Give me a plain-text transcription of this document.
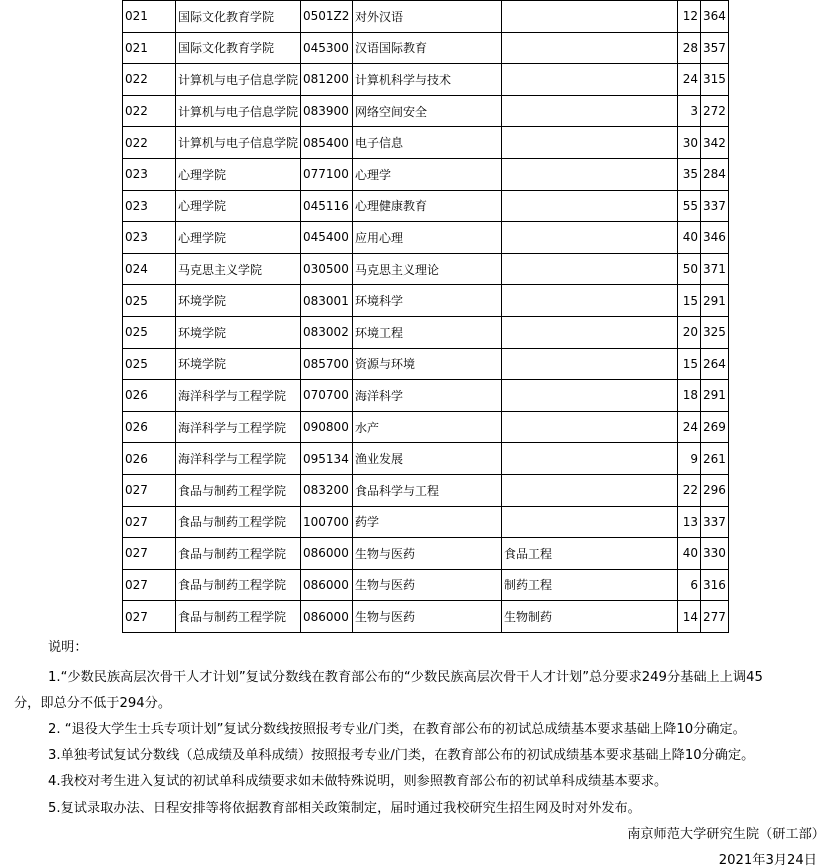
021	国际文化教育学院	0501Z2	对外汉语		12	364
021	国际文化教育学院	045300	汉语国际教育		28	357
022	计算机与电子信息学院	081200	计算机科学与技术		24	315
022	计算机与电子信息学院	083900	网络空间安全		3	272
022	计算机与电子信息学院	085400	电子信息		30	342
023	心理学院	077100	心理学		35	284
023	心理学院	045116	心理健康教育		55	337
023	心理学院	045400	应用心理		40	346
024	马克思主义学院	030500	马克思主义理论		50	371
025	环境学院	083001	环境科学		15	291
025	环境学院	083002	环境工程		20	325
025	环境学院	085700	资源与环境		15	264
026	海洋科学与工程学院	070700	海洋科学		18	291
026	海洋科学与工程学院	090800	水产		24	269
026	海洋科学与工程学院	095134	渔业发展		9	261
027	食品与制药工程学院	083200	食品科学与工程		22	296
027	食品与制药工程学院	100700	药学		13	337
027	食品与制药工程学院	086000	生物与医药	食品工程	40	330
027	食品与制药工程学院	086000	生物与医药	制药工程	6	316
027	食品与制药工程学院	086000	生物与医药	生物制药	14	277

说明：

1.“少数民族高层次骨干人才计划”复试分数线在教育部公布的“少数民族高层次骨干人才计划”总分要求249分基础上上调45

分，即总分不低于294分。

2. “退役大学生士兵专项计划”复试分数线按照报考专业/门类，在教育部公布的初试总成绩基本要求基础上降10分确定。

3.单独考试复试分数线（总成绩及单科成绩）按照报考专业/门类，在教育部公布的初试成绩基本要求基础上降10分确定。

4.我校对考生进入复试的初试单科成绩要求如未做特殊说明，则参照教育部公布的初试单科成绩基本要求。

5.复试录取办法、日程安排等将依据教育部相关政策制定，届时通过我校研究生招生网及时对外发布。

南京师范大学研究生院（研工部）

2021年3月24日
